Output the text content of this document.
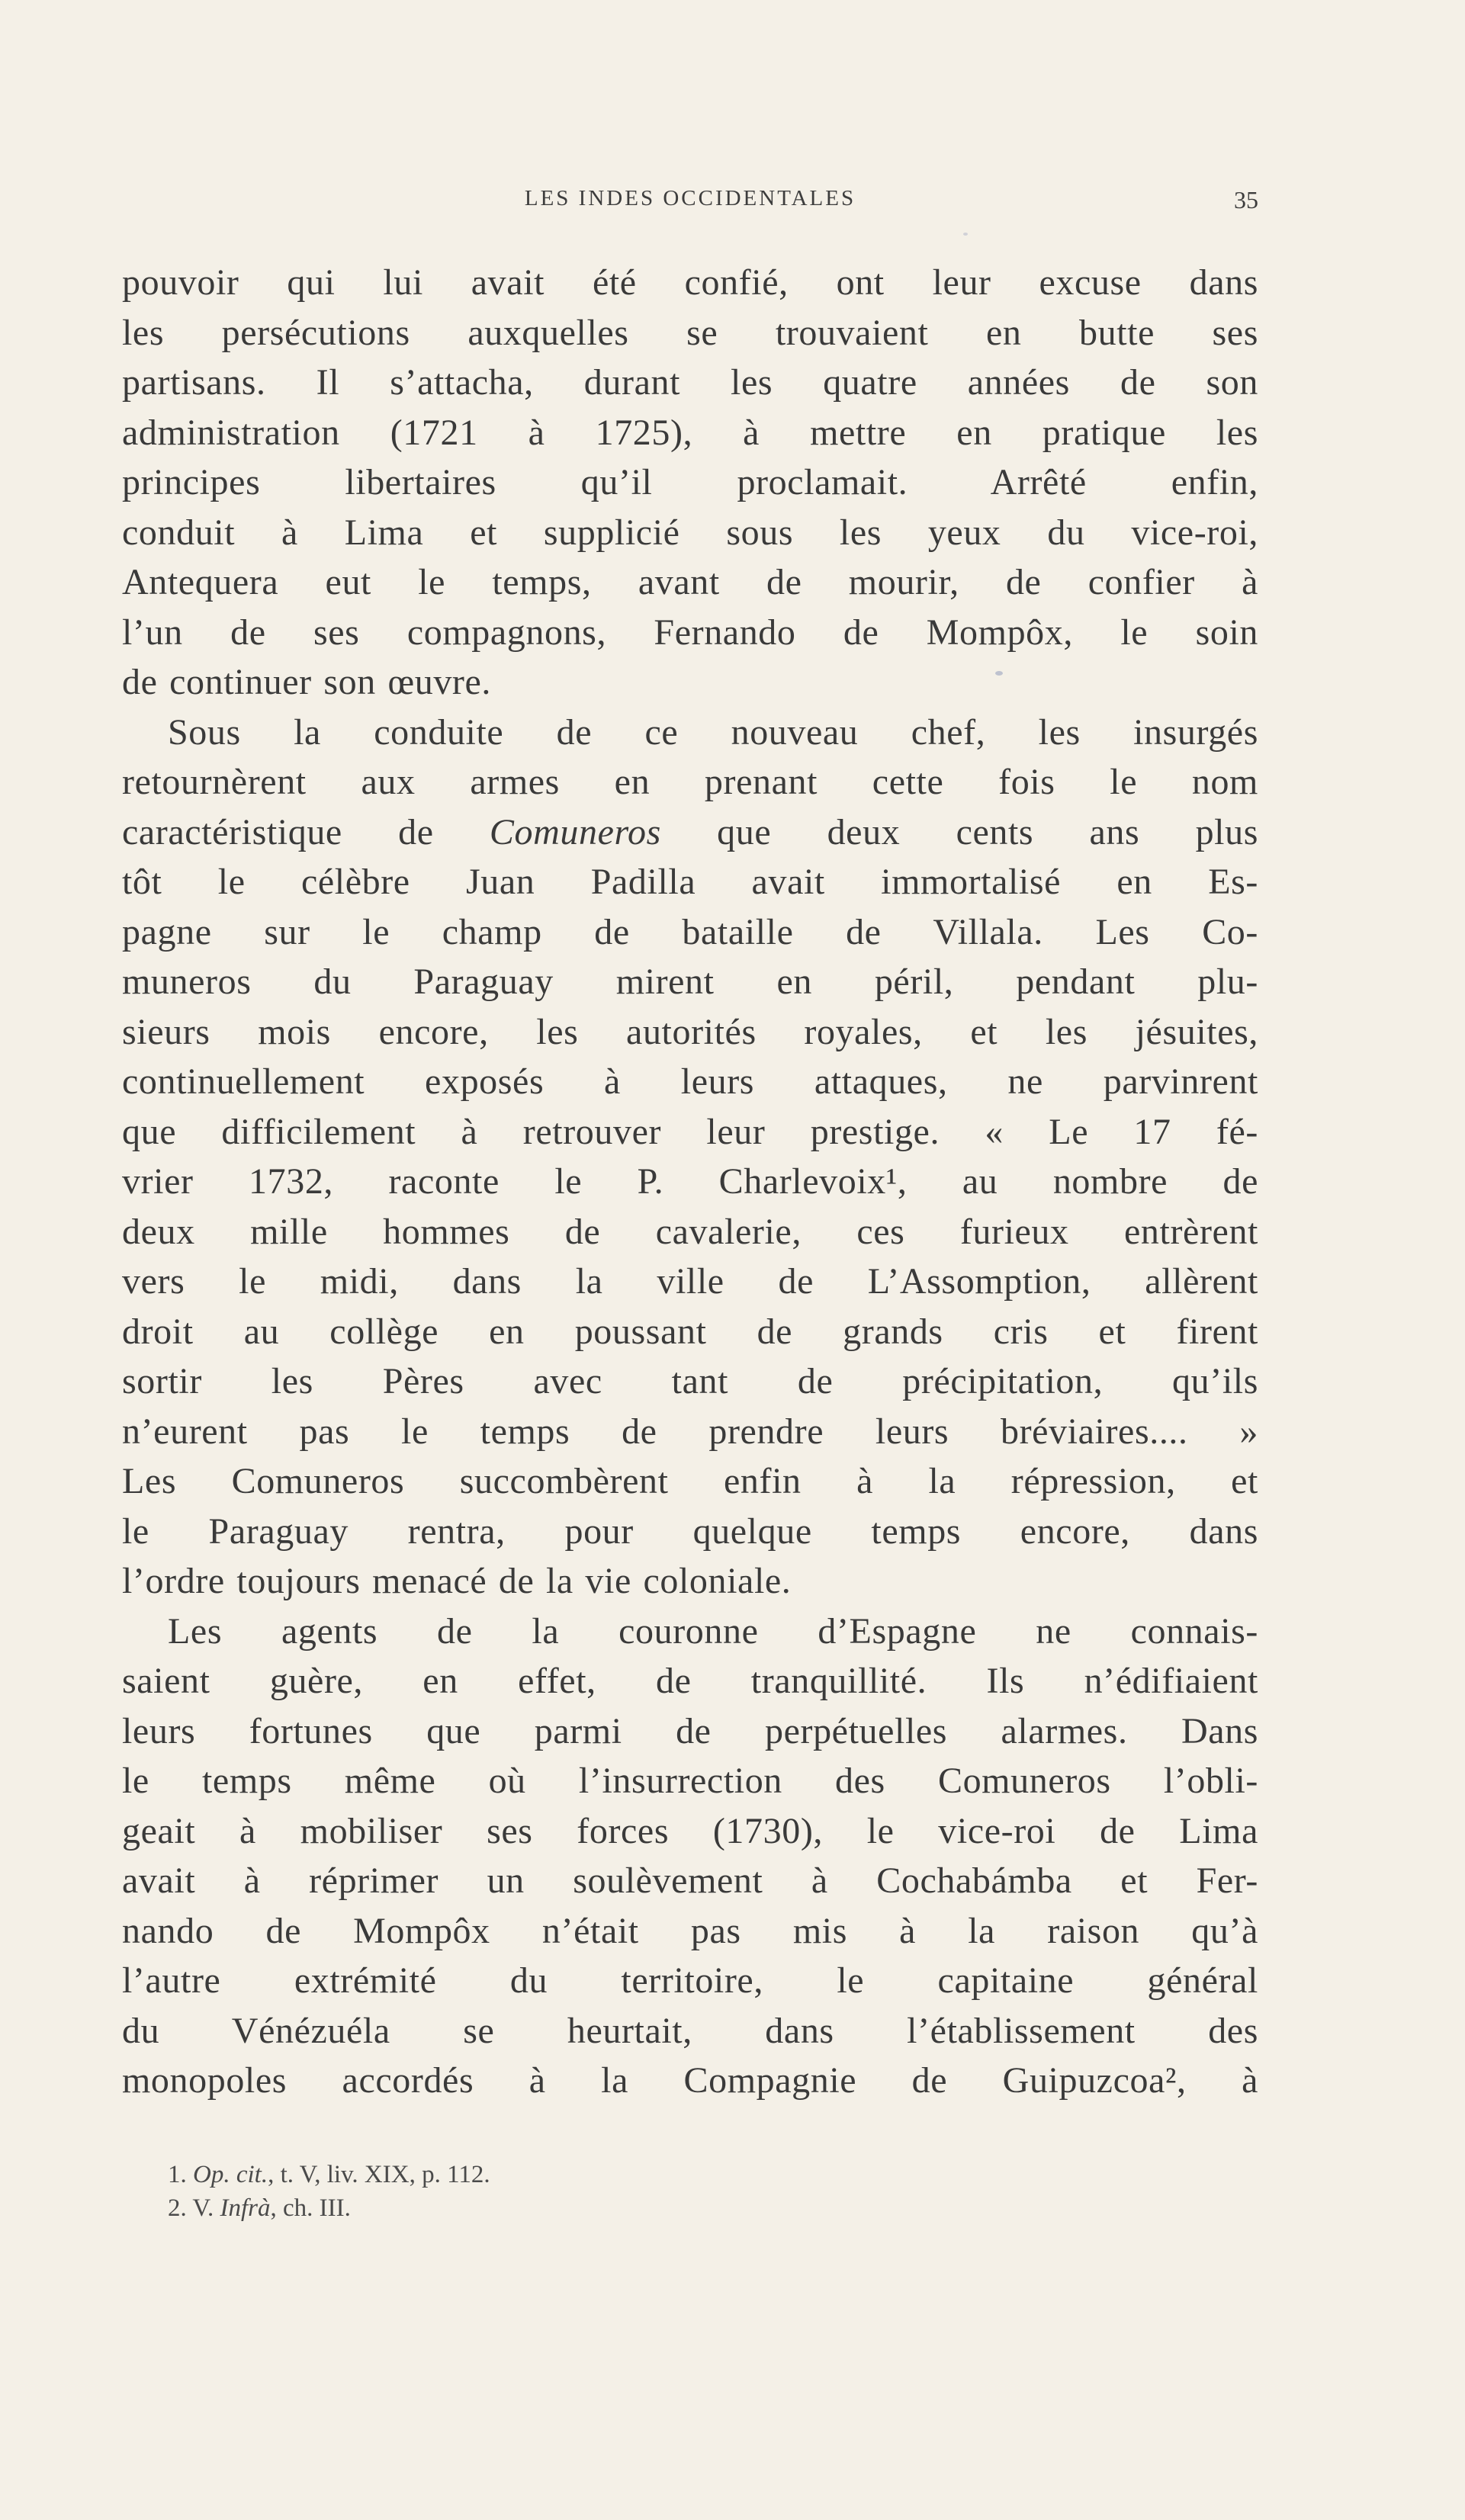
LES INDES OCCIDENTALES	35
pouvoir qui lui avait été confié, ont leur excuse dans
les persécutions auxquelles se trouvaient en butte ses
partisans. Il s’attacha, durant les quatre années de son
administration (1721 à 1725), à mettre en pratique les
principes libertaires qu’il proclamait. Arrêté enfin,
conduit à Lima et supplicié sous les yeux du vice-roi,
Antequera eut le temps, avant de mourir, de confier à
l’un de ses compagnons, Fernando de Mompôx, le soin
de continuer son œuvre.
Sous la conduite de ce nouveau chef, les insurgés
retournèrent aux armes en prenant cette fois le nom
caractéristique de Comuneros que deux cents ans plus
tôt le célèbre Juan Padilla avait immortalisé en Es-
pagne sur le champ de bataille de Villala. Les Co-
muneros du Paraguay mirent en péril, pendant plu-
sieurs mois encore, les autorités royales, et les jésuites,
continuellement exposés à leurs attaques, ne parvinrent
que difficilement à retrouver leur prestige. « Le 17 fé-
vrier 1732, raconte le P. Charlevoix¹, au nombre de
deux mille hommes de cavalerie, ces furieux entrèrent
vers le midi, dans la ville de L’Assomption, allèrent
droit au collège en poussant de grands cris et firent
sortir les Pères avec tant de précipitation, qu’ils
n’eurent pas le temps de prendre leurs bréviaires.... »
Les Comuneros succombèrent enfin à la répression, et
le Paraguay rentra, pour quelque temps encore, dans
l’ordre toujours menacé de la vie coloniale.
Les agents de la couronne d’Espagne ne connais-
saient guère, en effet, de tranquillité. Ils n’édifiaient
leurs fortunes que parmi de perpétuelles alarmes. Dans
le temps même où l’insurrection des Comuneros l’obli-
geait à mobiliser ses forces (1730), le vice-roi de Lima
avait à réprimer un soulèvement à Cochabámba et Fer-
nando de Mompôx n’était pas mis à la raison qu’à
l’autre extrémité du territoire, le capitaine général
du Vénézuéla se heurtait, dans l’établissement des
monopoles accordés à la Compagnie de Guipuzcoa², à
1. Op. cit., t. V, liv. XIX, p. 112.
2. V. Infrà, ch. III.
